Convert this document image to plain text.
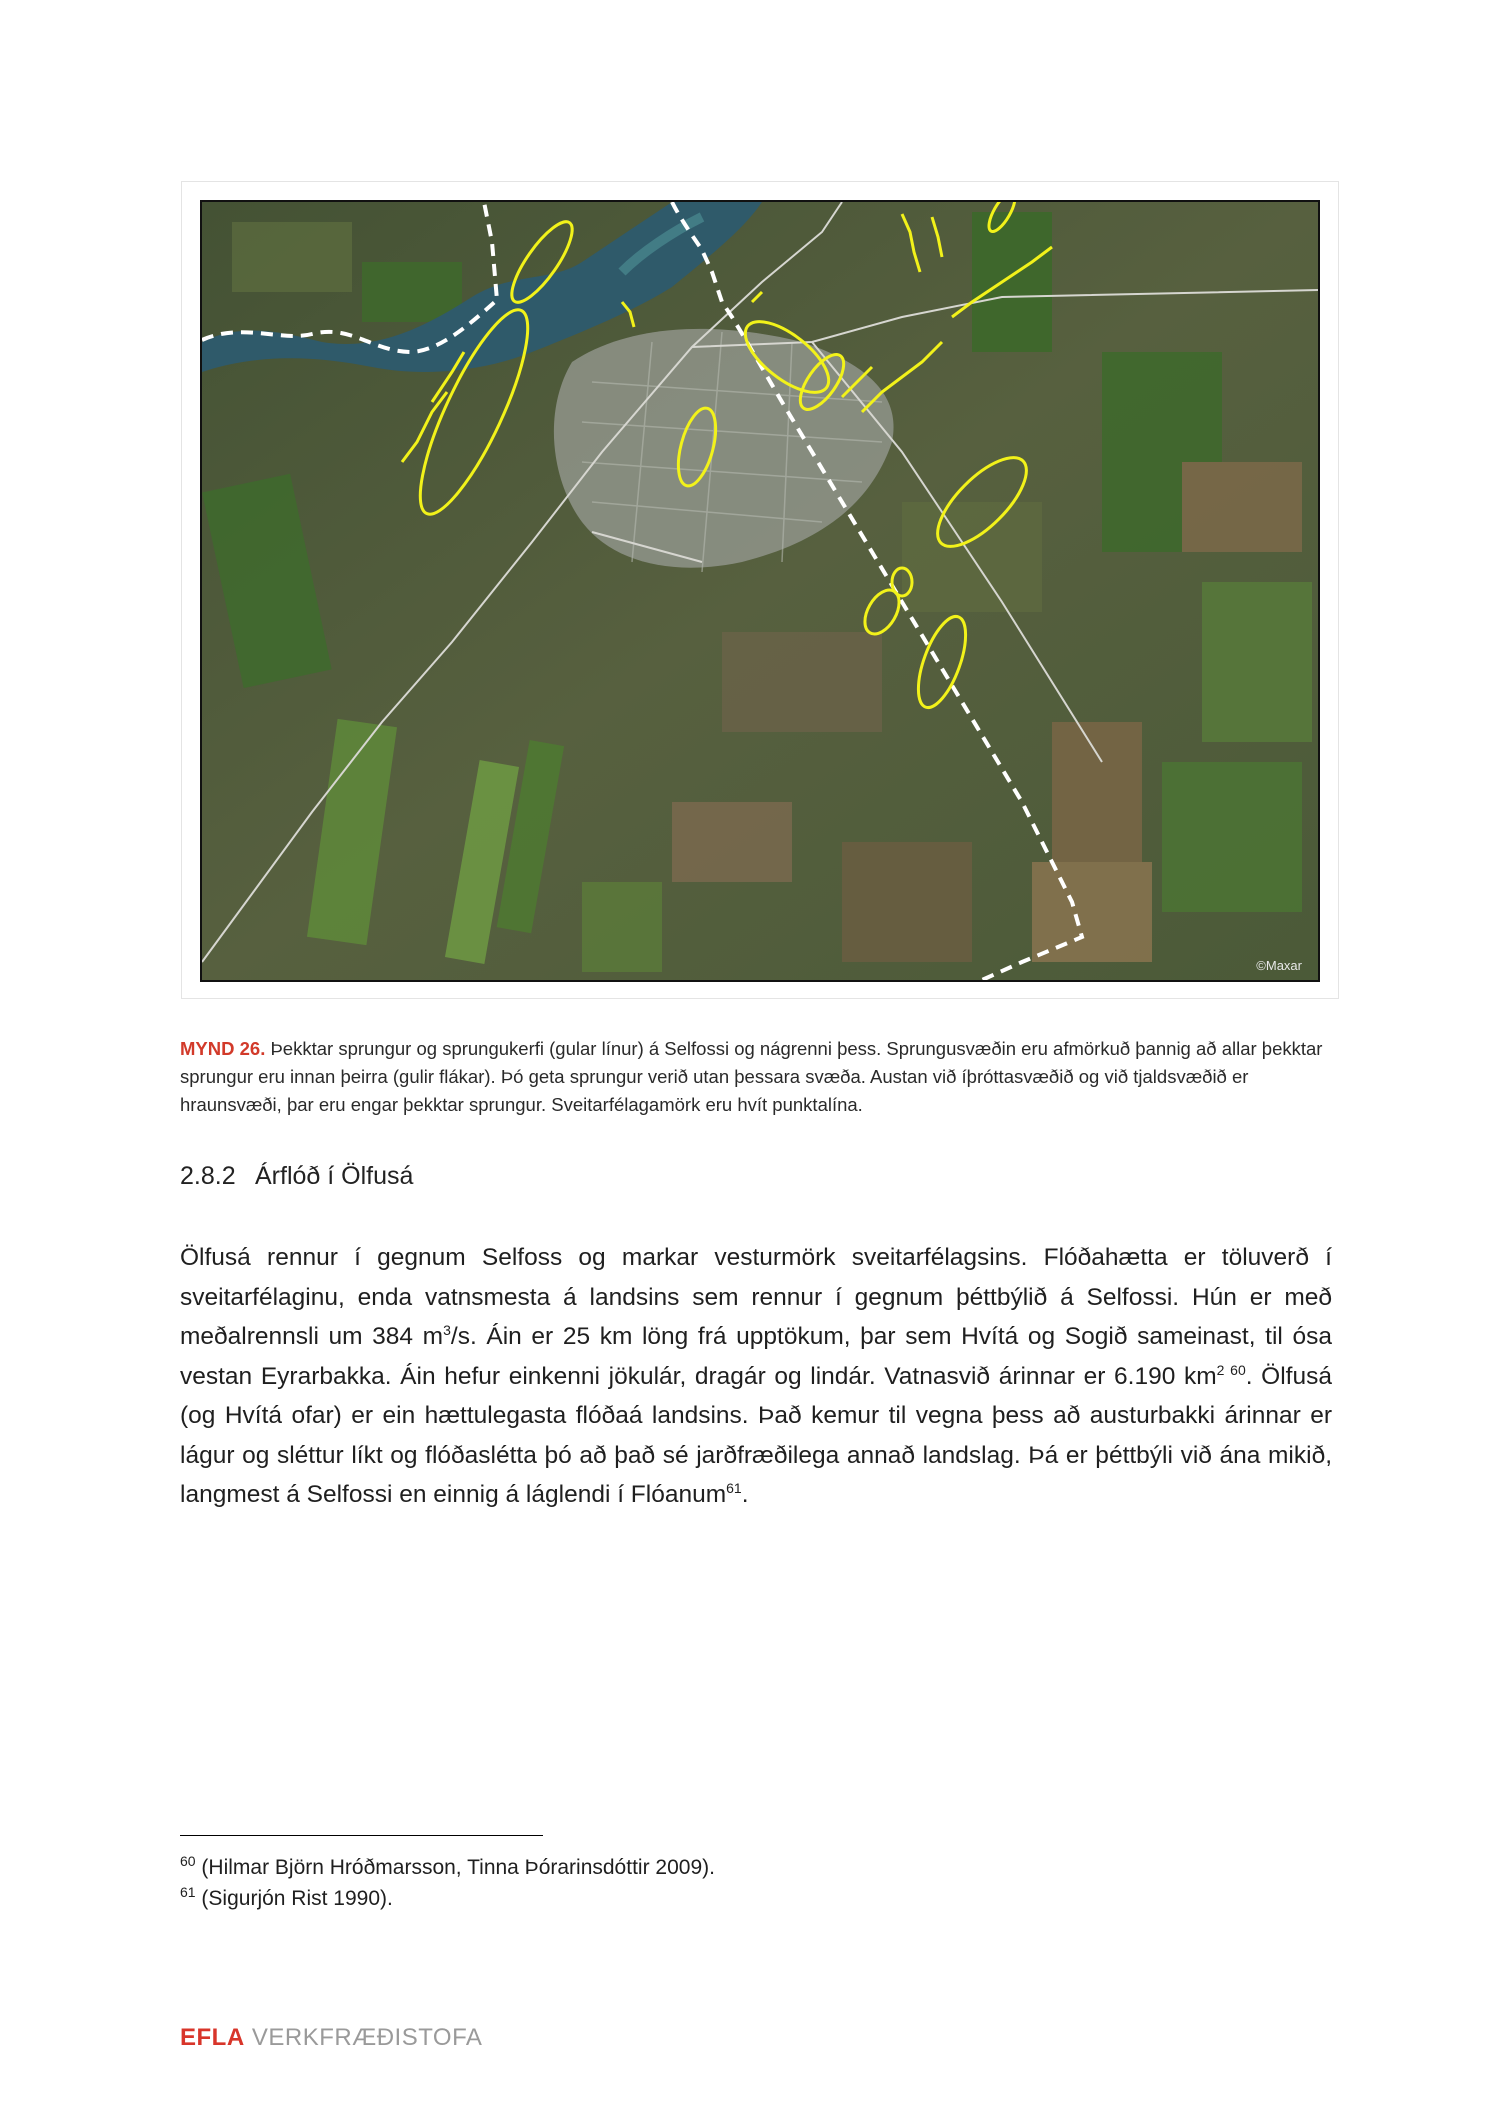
©Maxar
MYND 26. Þekktar sprungur og sprungukerfi (gular línur) á Selfossi og nágrenni þess. Sprungusvæðin eru afmörkuð þannig að allar þekktar sprungur eru innan þeirra (gulir flákar). Þó geta sprungur verið utan þessara svæða. Austan við íþróttasvæðið og við tjaldsvæðið er hraunsvæði, þar eru engar þekktar sprungur. Sveitarfélagamörk eru hvít punktalína.
2.8.2 Árflóð í Ölfusá
Ölfusá rennur í gegnum Selfoss og markar vesturmörk sveitarfélagsins. Flóðahætta er töluverð í sveitarfélaginu, enda vatnsmesta á landsins sem rennur í gegnum þéttbýlið á Selfossi. Hún er með meðalrennsli um 384 $m^3/s$. Áin er 25 km löng frá upptökum, þar sem Hvítá og Sogið sameinast, til ósa vestan Eyrarbakka. Áin hefur einkenni jökulár, dragár og lindár. Vatnasvið árinnar er 6.190 $km^{2 60}$. Ölfusá (og Hvítá ofar) er ein hættulegasta flóðaá landsins. Það kemur til vegna þess að austurbakki árinnar er lágur og sléttur líkt og flóðaslétta þó að það sé jarðfræðilega annað landslag. Þá er þéttbýli við ána mikið, langmest á Selfossi en einnig á láglendi í Flóanum$^{61}$.
$^{60}$ (Hilmar Björn Hróðmarsson, Tinna Þórarinsdóttir 2009).
$^{61}$ (Sigurjón Rist 1990).
EFLA VERKFRÆÐISTOFA
